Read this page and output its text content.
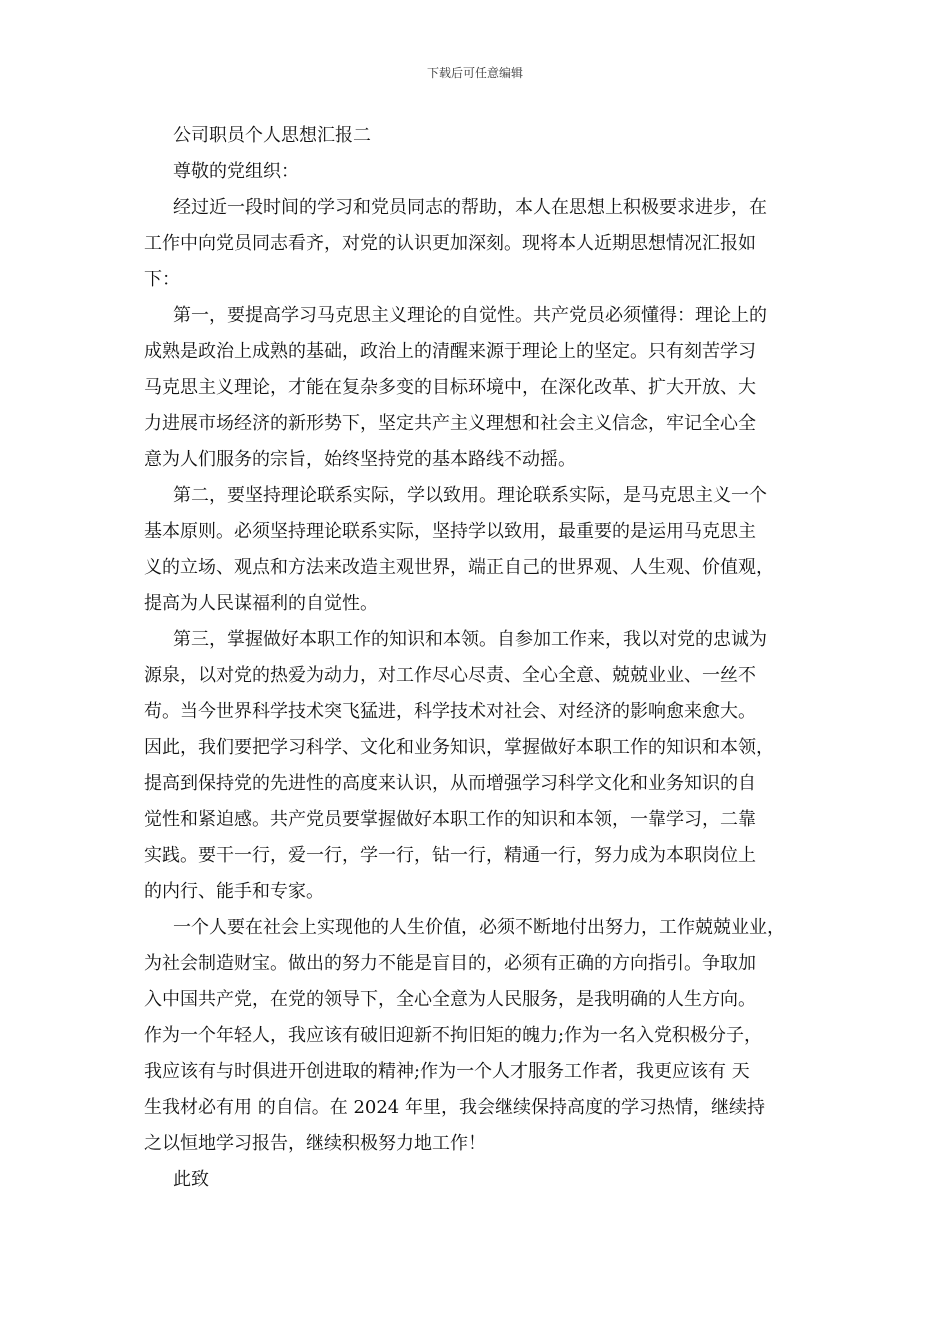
下载后可任意编辑
公司职员个人思想汇报二
尊敬的党组织：
经过近一段时间的学习和党员同志的帮助，本人在思想上积极要求进步，在
工作中向党员同志看齐，对党的认识更加深刻。现将本人近期思想情况汇报如
下：
第一，要提高学习马克思主义理论的自觉性。共产党员必须懂得：理论上的
成熟是政治上成熟的基础，政治上的清醒来源于理论上的坚定。只有刻苦学习
马克思主义理论，才能在复杂多变的目标环境中，在深化改革、扩大开放、大
力进展市场经济的新形势下，坚定共产主义理想和社会主义信念，牢记全心全
意为人们服务的宗旨，始终坚持党的基本路线不动摇。
第二，要坚持理论联系实际，学以致用。理论联系实际，是马克思主义一个
基本原则。必须坚持理论联系实际，坚持学以致用，最重要的是运用马克思主
义的立场、观点和方法来改造主观世界，端正自己的世界观、人生观、价值观，
提高为人民谋福利的自觉性。
第三，掌握做好本职工作的知识和本领。自参加工作来，我以对党的忠诚为
源泉，以对党的热爱为动力，对工作尽心尽责、全心全意、兢兢业业、一丝不
苟。当今世界科学技术突飞猛进，科学技术对社会、对经济的影响愈来愈大。
因此，我们要把学习科学、文化和业务知识，掌握做好本职工作的知识和本领，
提高到保持党的先进性的高度来认识，从而增强学习科学文化和业务知识的自
觉性和紧迫感。共产党员要掌握做好本职工作的知识和本领，一靠学习，二靠
实践。要干一行，爱一行，学一行，钻一行，精通一行，努力成为本职岗位上
的内行、能手和专家。
一个人要在社会上实现他的人生价值，必须不断地付出努力，工作兢兢业业，
为社会制造财宝。做出的努力不能是盲目的，必须有正确的方向指引。争取加
入中国共产党，在党的领导下，全心全意为人民服务，是我明确的人生方向。
作为一个年轻人，我应该有破旧迎新不拘旧矩的魄力;作为一名入党积极分子，
我应该有与时俱进开创进取的精神;作为一个人才服务工作者，我更应该有 天
生我材必有用 的自信。在 2024 年里，我会继续保持高度的学习热情，继续持
之以恒地学习报告，继续积极努力地工作！
此致
